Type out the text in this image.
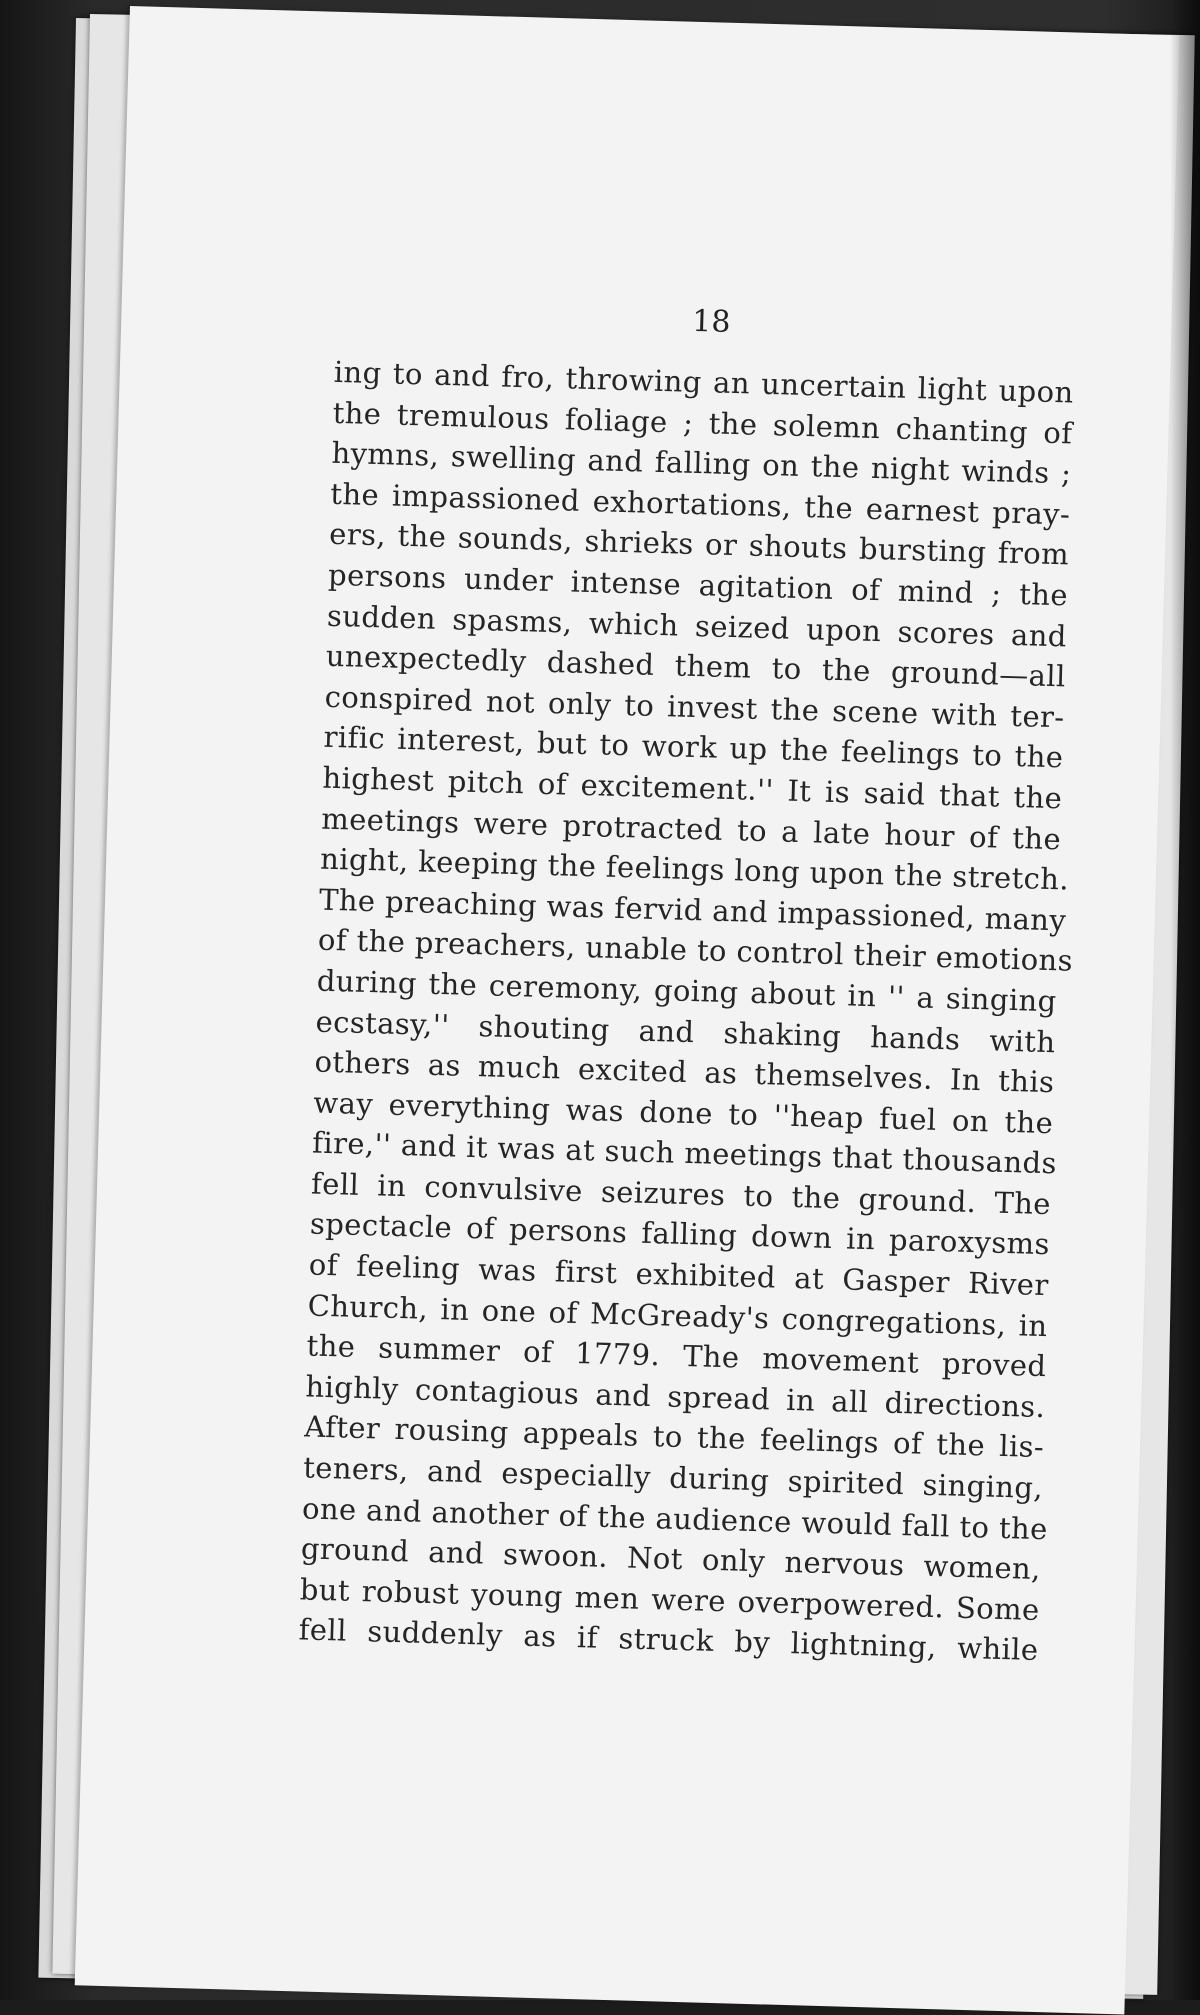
18
ing to and fro, throwing an uncertain light upon
the tremulous foliage ; the solemn chanting of
hymns, swelling and falling on the night winds ;
the impassioned exhortations, the earnest pray-
ers, the sounds, shrieks or shouts bursting from
persons under intense agitation of mind ; the
sudden spasms, which seized upon scores and
unexpectedly dashed them to the ground—all
conspired not only to invest the scene with ter-
rific interest, but to work up the feelings to the
highest pitch of excitement.'' It is said that the
meetings were protracted to a late hour of the
night, keeping the feelings long upon the stretch.
The preaching was fervid and impassioned, many
of the preachers, unable to control their emotions
during the ceremony, going about in '' a singing
ecstasy,'' shouting and shaking hands with
others as much excited as themselves. In this
way everything was done to ''heap fuel on the
fire,'' and it was at such meetings that thousands
fell in convulsive seizures to the ground. The
spectacle of persons falling down in paroxysms
of feeling was first exhibited at Gasper River
Church, in one of McGready's congregations, in
the summer of 1779. The movement proved
highly contagious and spread in all directions.
After rousing appeals to the feelings of the lis-
teners, and especially during spirited singing,
one and another of the audience would fall to the
ground and swoon. Not only nervous women,
but robust young men were overpowered. Some
fell suddenly as if struck by lightning, while
